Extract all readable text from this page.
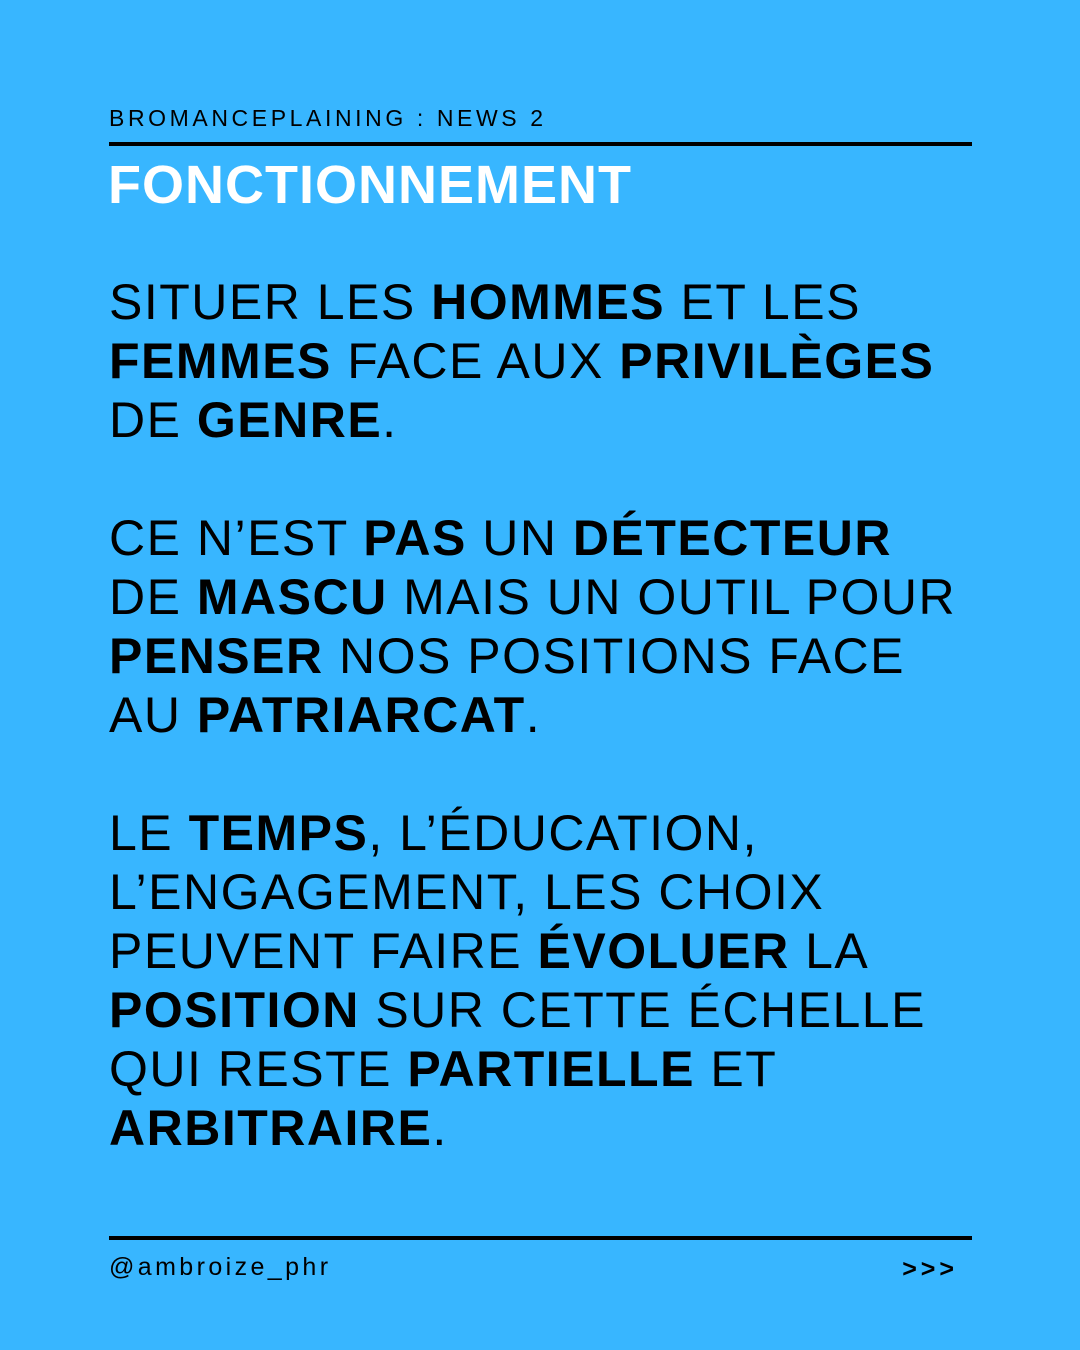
BROMANCEPLAINING : NEWS 2
FONCTIONNEMENT
SITUER LES HOMMES ET LES
FEMMES FACE AUX PRIVILÈGES
DE GENRE.
CE N’EST PAS UN DÉTECTEUR
DE MASCU MAIS UN OUTIL POUR
PENSER NOS POSITIONS FACE
AU PATRIARCAT.
LE TEMPS, L’ÉDUCATION,
L’ENGAGEMENT, LES CHOIX
PEUVENT FAIRE ÉVOLUER LA
POSITION SUR CETTE ÉCHELLE
QUI RESTE PARTIELLE ET
ARBITRAIRE.
@ambroize_phr	>>>
